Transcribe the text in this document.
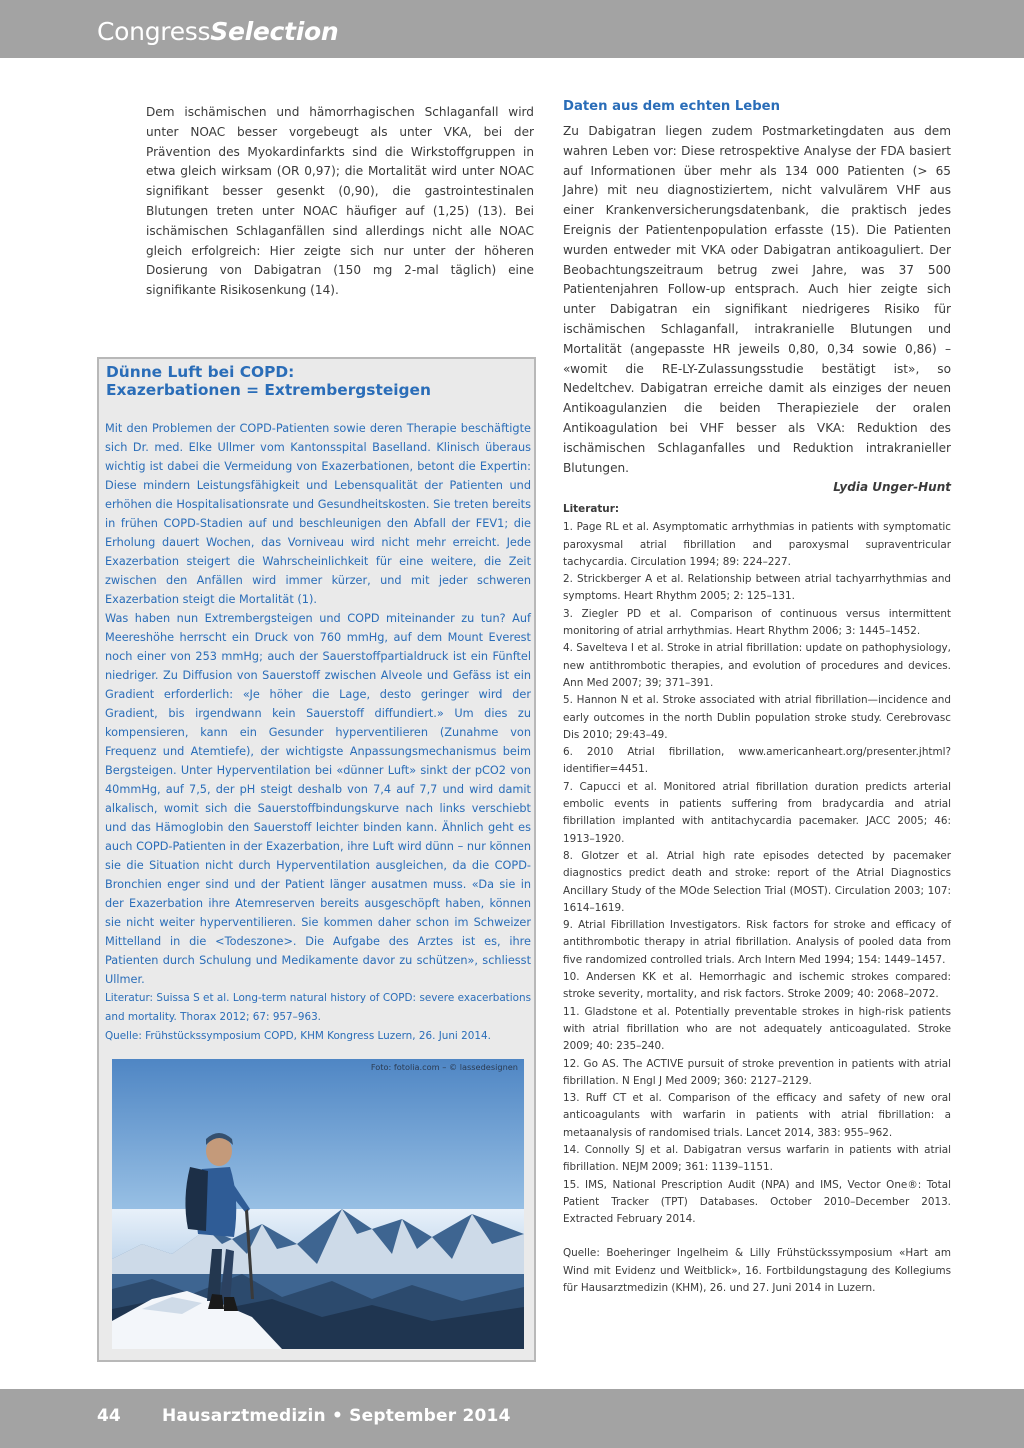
CongressSelection
Dem ischämischen und hämorrhagischen Schlaganfall wird unter NOAC besser vorgebeugt als unter VKA, bei der Prävention des Myokardinfarkts sind die Wirkstoffgruppen in etwa gleich wirksam (OR 0,97); die Mortalität wird unter NOAC signifikant besser gesenkt (0,90), die gastrointestinalen Blutungen treten unter NOAC häufiger auf (1,25) (13). Bei ischämischen Schlaganfällen sind allerdings nicht alle NOAC gleich erfolgreich: Hier zeigte sich nur unter der höheren Dosierung von Dabigatran (150 mg 2-mal täglich) eine signifikante Risikosenkung (14).
Dünne Luft bei COPD:
Exazerbationen = Extrembergsteigen

Mit den Problemen der COPD-Patienten sowie deren Therapie beschäftigte sich Dr. med. Elke Ullmer vom Kantonsspital Baselland. Klinisch überaus wichtig ist dabei die Vermeidung von Exazerbationen, betont die Expertin: Diese mindern Leistungsfähigkeit und Lebensqualität der Patienten und erhöhen die Hospitalisationsrate und Gesundheitskosten. Sie treten bereits in frühen COPD-Stadien auf und beschleunigen den Abfall der FEV1; die Erholung dauert Wochen, das Vorniveau wird nicht mehr erreicht. Jede Exazerbation steigert die Wahrscheinlichkeit für eine weitere, die Zeit zwischen den Anfällen wird immer kürzer, und mit jeder schweren Exazerbation steigt die Mortalität (1).

Was haben nun Extrembergsteigen und COPD miteinander zu tun? Auf Meereshöhe herrscht ein Druck von 760 mmHg, auf dem Mount Everest noch einer von 253 mmHg; auch der Sauerstoffpartialdruck ist ein Fünftel niedriger. Zu Diffusion von Sauerstoff zwischen Alveole und Gefäss ist ein Gradient erforderlich: «Je höher die Lage, desto geringer wird der Gradient, bis irgendwann kein Sauerstoff diffundiert.» Um dies zu kompensieren, kann ein Gesunder hyperventilieren (Zunahme von Frequenz und Atemtiefe), der wichtigste Anpassungsmechanismus beim Bergsteigen. Unter Hyperventilation bei «dünner Luft» sinkt der pCO2 von 40mmHg, auf 7,5, der pH steigt deshalb von 7,4 auf 7,7 und wird damit alkalisch, womit sich die Sauerstoffbindungskurve nach links verschiebt und das Hämoglobin den Sauerstoff leichter binden kann. Ähnlich geht es auch COPD-Patienten in der Exazerbation, ihre Luft wird dünn – nur können sie die Situation nicht durch Hyperventilation ausgleichen, da die COPD-Bronchien enger sind und der Patient länger ausatmen muss. «Da sie in der Exazerbation ihre Atemreserven bereits ausgeschöpft haben, können sie nicht weiter hyperventilieren. Sie kommen daher schon im Schweizer Mittelland in die <Todeszone>. Die Aufgabe des Arztes ist es, ihre Patienten durch Schulung und Medikamente davor zu schützen», schliesst Ullmer.

Literatur: Suissa S et al. Long-term natural history of COPD: severe exacerbations and mortality. Thorax 2012; 67: 957–963.
Quelle: Frühstückssymposium COPD, KHM Kongress Luzern, 26. Juni 2014.
Foto: fotolia.com – © lassedesignen
Daten aus dem echten Leben
Zu Dabigatran liegen zudem Postmarketingdaten aus dem wahren Leben vor: Diese retrospektive Analyse der FDA basiert auf Informationen über mehr als 134 000 Patienten (> 65 Jahre) mit neu diagnostiziertem, nicht valvulärem VHF aus einer Krankenversicherungsdatenbank, die praktisch jedes Ereignis der Patientenpopulation erfasste (15). Die Patienten wurden entweder mit VKA oder Dabigatran antikoaguliert. Der Beobachtungszeitraum betrug zwei Jahre, was 37 500 Patientenjahren Follow-up entsprach. Auch hier zeigte sich unter Dabigatran ein signifikant niedrigeres Risiko für ischämischen Schlaganfall, intrakranielle Blutungen und Mortalität (angepasste HR jeweils 0,80, 0,34 sowie 0,86) – «womit die RE-LY-Zulassungsstudie bestätigt ist», so Nedeltchev. Dabigatran erreiche damit als einziges der neuen Antikoagulanzien die beiden Therapieziele der oralen Antikoagulation bei VHF besser als VKA: Reduktion des ischämischen Schlaganfalles und Reduktion intrakranieller Blutungen.
Lydia Unger-Hunt
Literatur:
1. Page RL et al. Asymptomatic arrhythmias in patients with symptomatic paroxysmal atrial fibrillation and paroxysmal supraventricular tachycardia. Circulation 1994; 89: 224–227.
2. Strickberger A et al. Relationship between atrial tachyarrhythmias and symptoms. Heart Rhythm 2005; 2: 125–131.
3. Ziegler PD et al. Comparison of continuous versus intermittent monitoring of atrial arrhythmias. Heart Rhythm 2006; 3: 1445–1452.
4. Savelteva I et al. Stroke in atrial fibrillation: update on pathophysiology, new antithrombotic therapies, and evolution of procedures and devices. Ann Med 2007; 39; 371–391.
5. Hannon N et al. Stroke associated with atrial fibrillation—incidence and early outcomes in the north Dublin population stroke study. Cerebrovasc Dis 2010; 29:43–49.
6. 2010 Atrial fibrillation, www.americanheart.org/presenter.jhtml?identifier=4451.
7. Capucci et al. Monitored atrial fibrillation duration predicts arterial embolic events in patients suffering from bradycardia and atrial fibrillation implanted with antitachycardia pacemaker. JACC 2005; 46: 1913–1920.
8. Glotzer et al. Atrial high rate episodes detected by pacemaker diagnostics predict death and stroke: report of the Atrial Diagnostics Ancillary Study of the MOde Selection Trial (MOST). Circulation 2003; 107: 1614–1619.
9. Atrial Fibrillation Investigators. Risk factors for stroke and efficacy of antithrombotic therapy in atrial fibrillation. Analysis of pooled data from five randomized controlled trials. Arch Intern Med 1994; 154: 1449–1457.
10. Andersen KK et al. Hemorrhagic and ischemic strokes compared: stroke severity, mortality, and risk factors. Stroke 2009; 40: 2068–2072.
11. Gladstone et al. Potentially preventable strokes in high-risk patients with atrial fibrillation who are not adequately anticoagulated. Stroke 2009; 40: 235–240.
12. Go AS. The ACTIVE pursuit of stroke prevention in patients with atrial fibrillation. N Engl J Med 2009; 360: 2127–2129.
13. Ruff CT et al. Comparison of the efficacy and safety of new oral anticoagulants with warfarin in patients with atrial fibrillation: a metaanalysis of randomised trials. Lancet 2014, 383: 955–962.
14. Connolly SJ et al. Dabigatran versus warfarin in patients with atrial fibrillation. NEJM 2009; 361: 1139–1151.
15. IMS, National Prescription Audit (NPA) and IMS, Vector One®: Total Patient Tracker (TPT) Databases. October 2010–December 2013. Extracted February 2014.
Quelle: Boeheringer Ingelheim & Lilly Frühstückssymposium «Hart am Wind mit Evidenz und Weitblick», 16. Fortbildungstagung des Kollegiums für Hausarztmedizin (KHM), 26. und 27. Juni 2014 in Luzern.
44 Hausarztmedizin • September 2014
